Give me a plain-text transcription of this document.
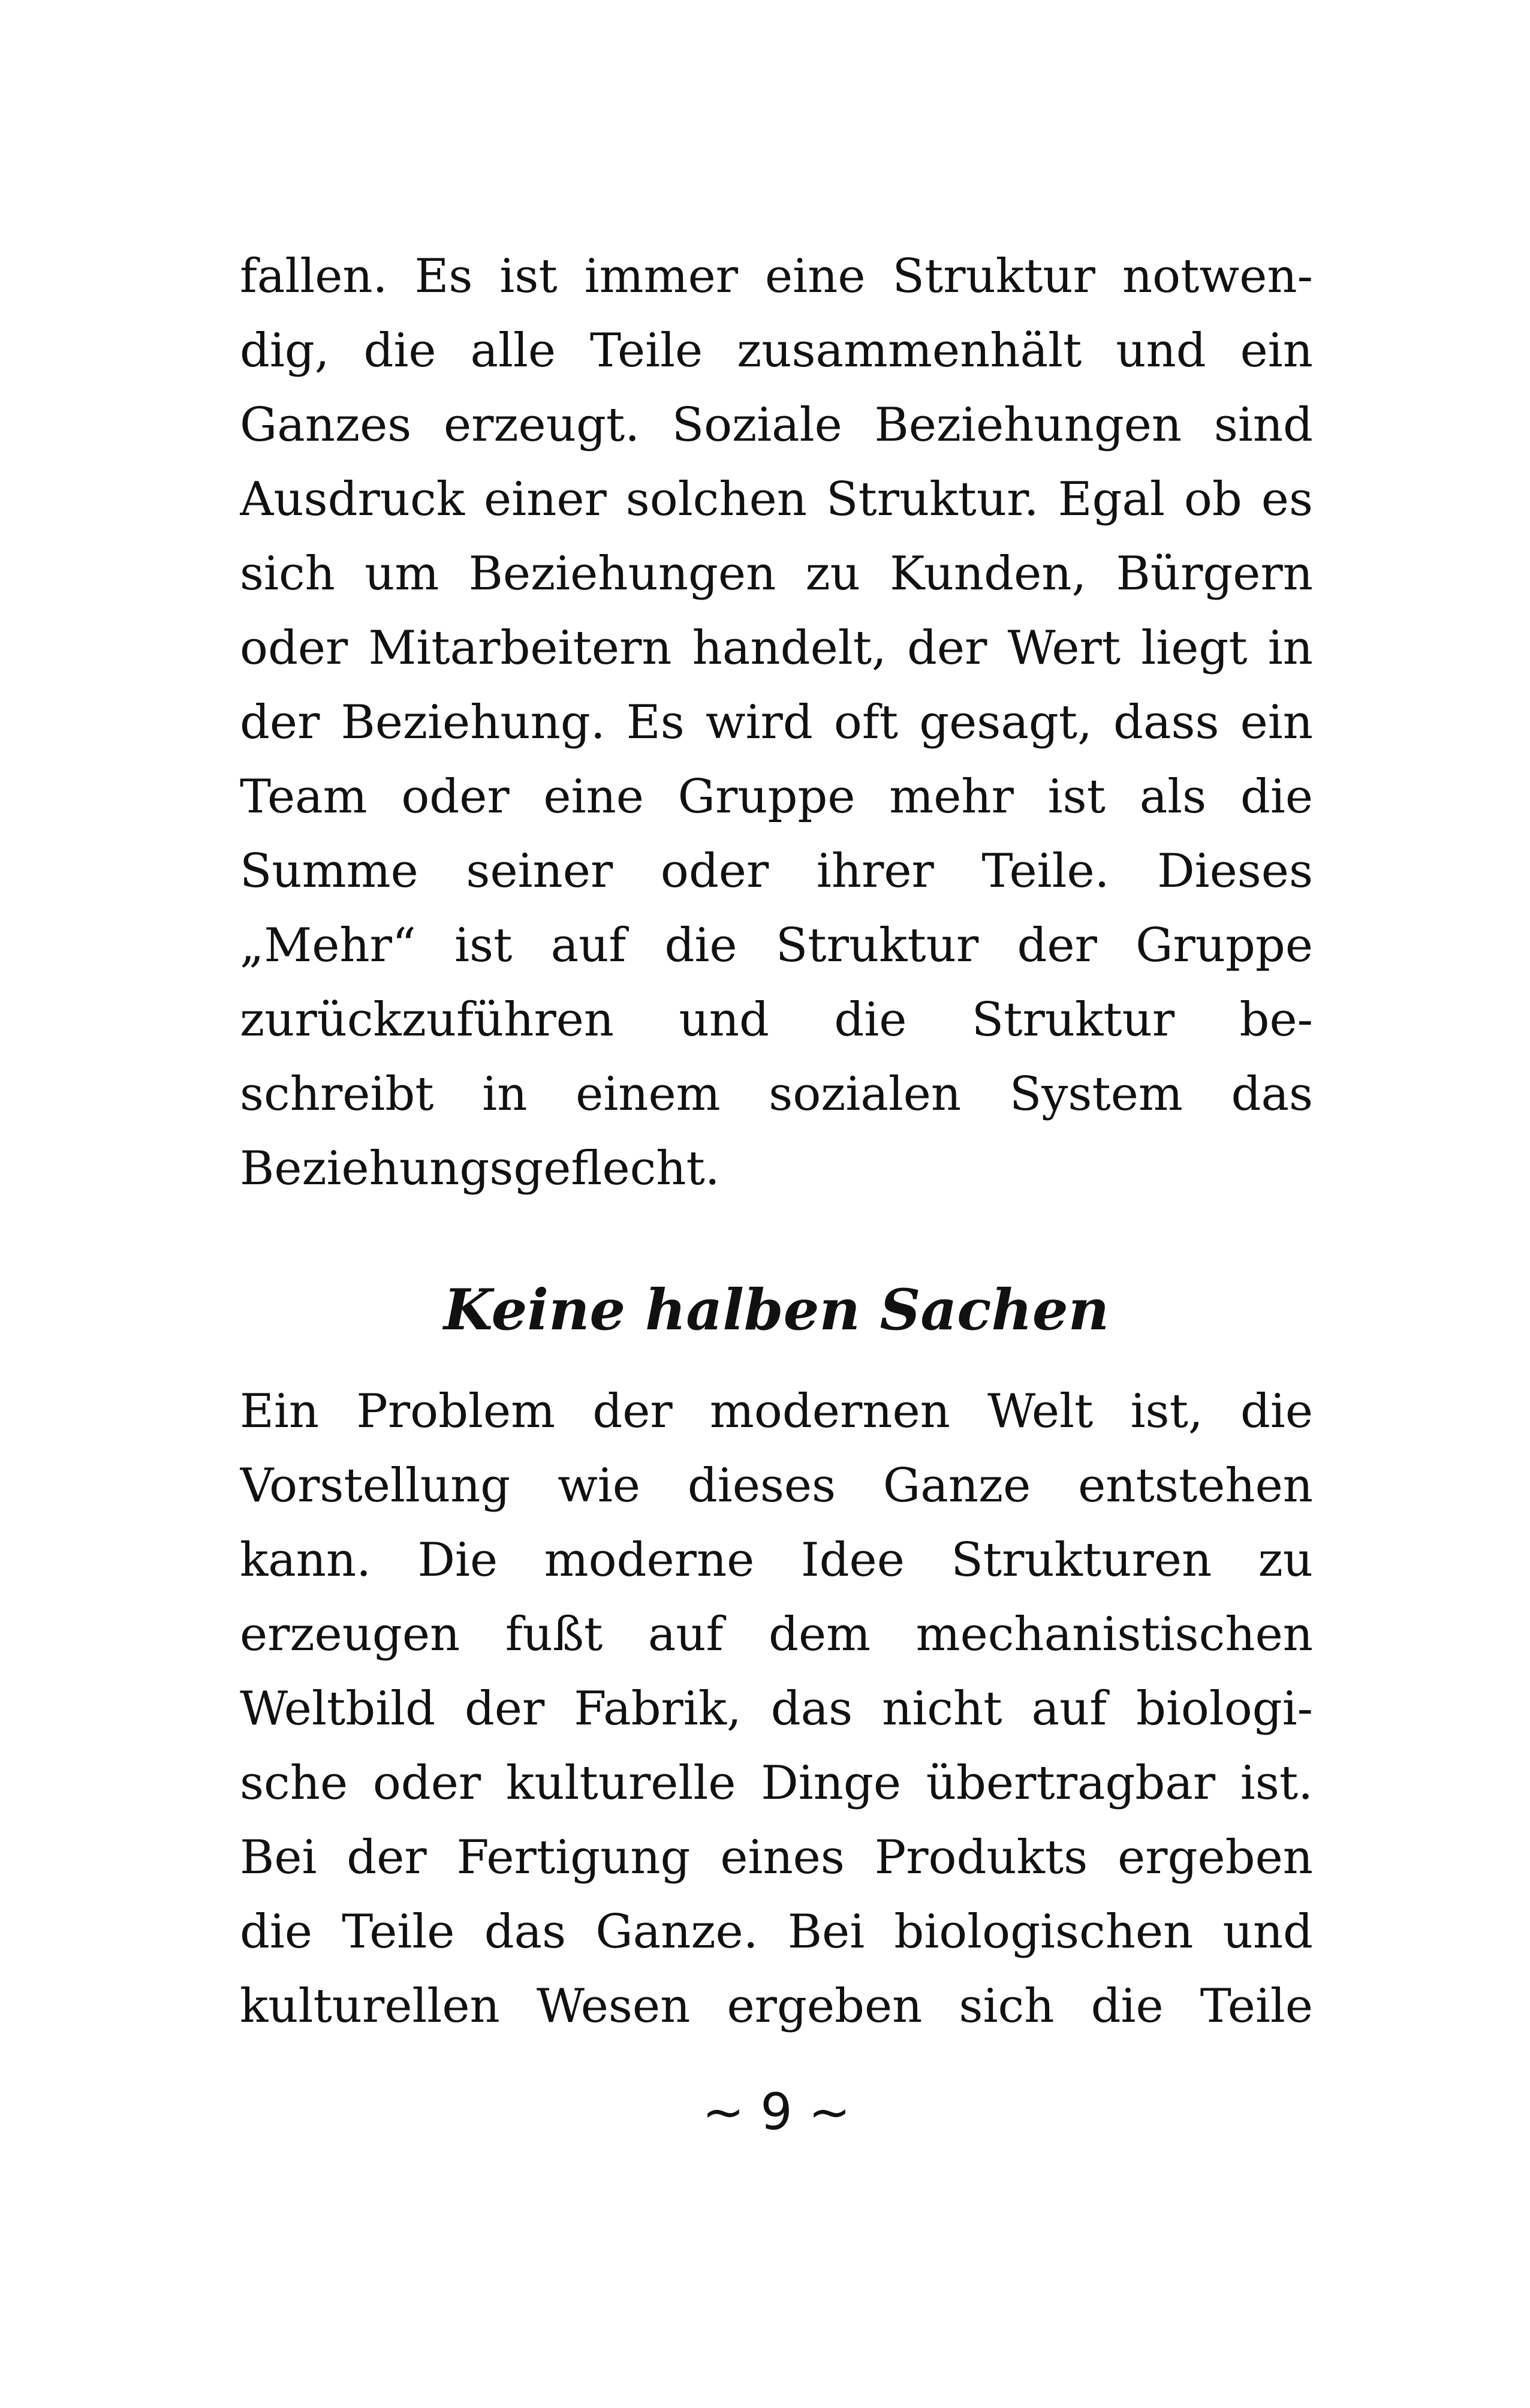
fallen. Es ist immer eine Struktur notwen-
dig, die alle Teile zusammenhält und ein
Ganzes erzeugt. Soziale Beziehungen sind
Ausdruck einer solchen Struktur. Egal ob es
sich um Beziehungen zu Kunden, Bürgern
oder Mitarbeitern handelt, der Wert liegt in
der Beziehung. Es wird oft gesagt, dass ein
Team oder eine Gruppe mehr ist als die
Summe seiner oder ihrer Teile. Dieses
„Mehr“ ist auf die Struktur der Gruppe
zurückzuführen und die Struktur be-
schreibt in einem sozialen System das
Beziehungsgeflecht.
Keine halben Sachen
Ein Problem der modernen Welt ist, die
Vorstellung wie dieses Ganze entstehen
kann. Die moderne Idee Strukturen zu
erzeugen fußt auf dem mechanistischen
Weltbild der Fabrik, das nicht auf biologi-
sche oder kulturelle Dinge übertragbar ist.
Bei der Fertigung eines Produkts ergeben
die Teile das Ganze. Bei biologischen und
kulturellen Wesen ergeben sich die Teile
~ 9 ~
